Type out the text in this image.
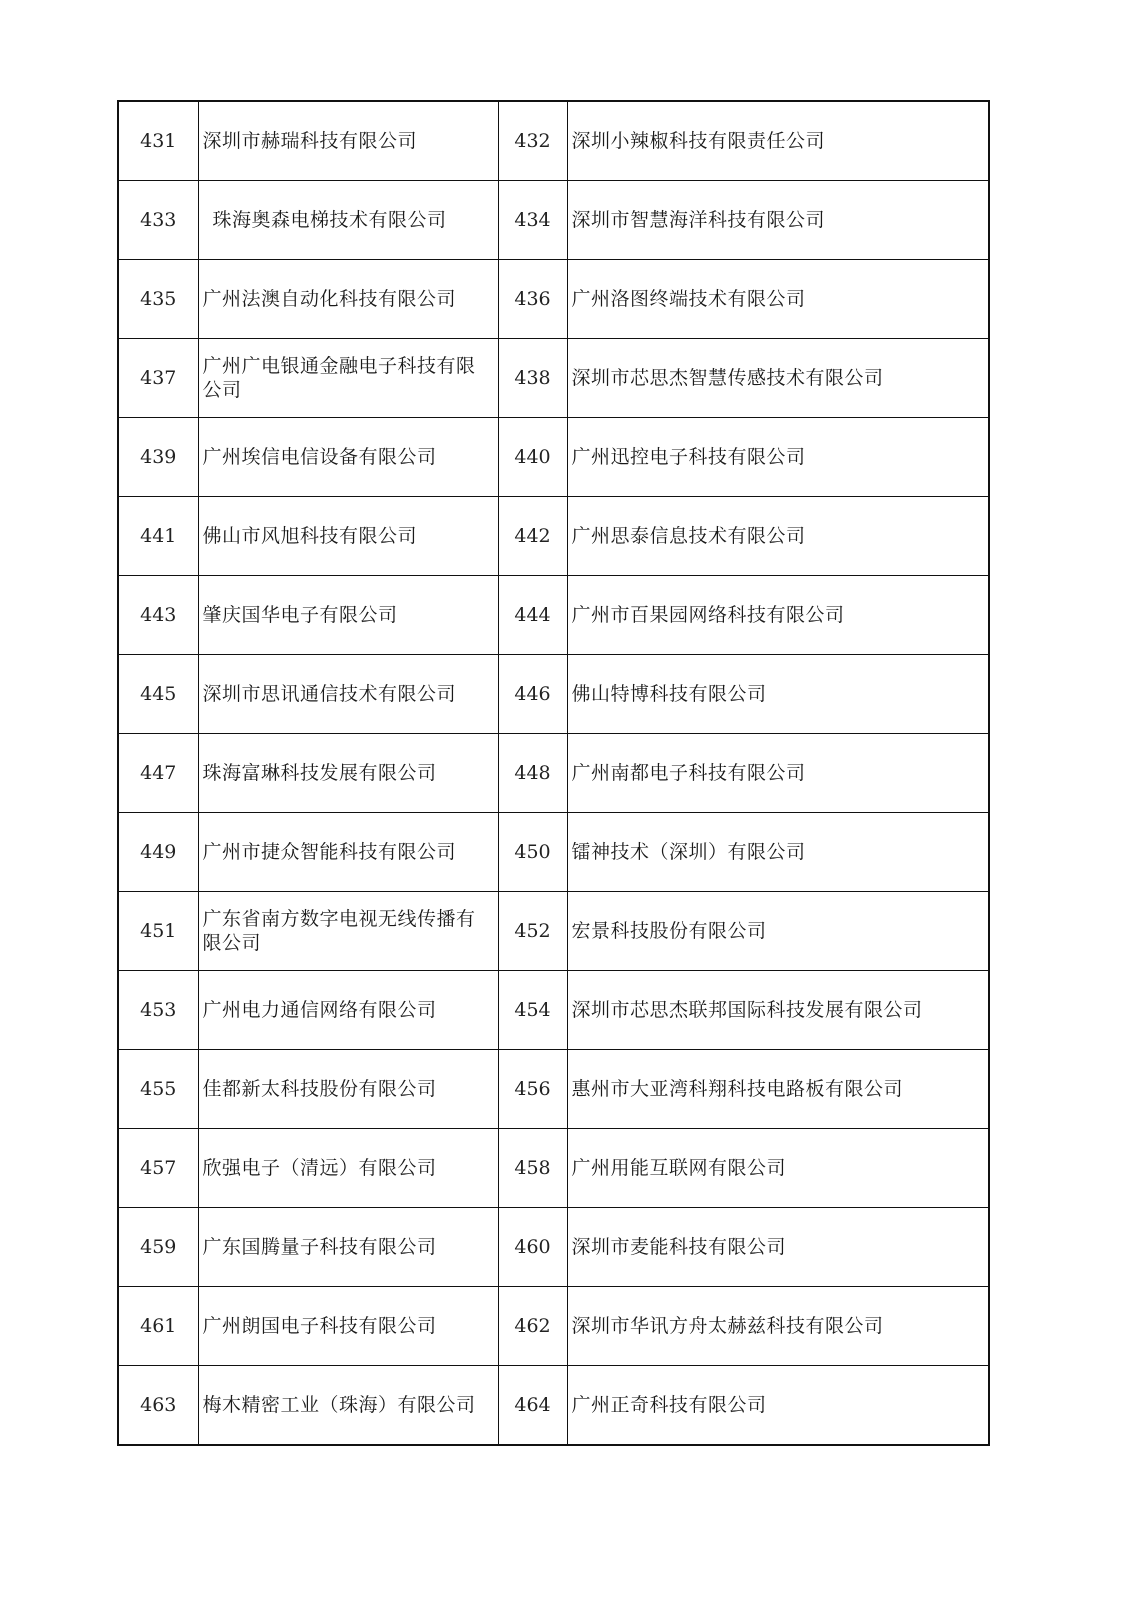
431	深圳市赫瑞科技有限公司	432	深圳小辣椒科技有限责任公司
433	珠海奥森电梯技术有限公司	434	深圳市智慧海洋科技有限公司
435	广州法澳自动化科技有限公司	436	广州洛图终端技术有限公司
437	广州广电银通金融电子科技有限公司	438	深圳市芯思杰智慧传感技术有限公司
439	广州埃信电信设备有限公司	440	广州迅控电子科技有限公司
441	佛山市风旭科技有限公司	442	广州思泰信息技术有限公司
443	肇庆国华电子有限公司	444	广州市百果园网络科技有限公司
445	深圳市思讯通信技术有限公司	446	佛山特博科技有限公司
447	珠海富琳科技发展有限公司	448	广州南都电子科技有限公司
449	广州市捷众智能科技有限公司	450	镭神技术（深圳）有限公司
451	广东省南方数字电视无线传播有限公司	452	宏景科技股份有限公司
453	广州电力通信网络有限公司	454	深圳市芯思杰联邦国际科技发展有限公司
455	佳都新太科技股份有限公司	456	惠州市大亚湾科翔科技电路板有限公司
457	欣强电子（清远）有限公司	458	广州用能互联网有限公司
459	广东国腾量子科技有限公司	460	深圳市麦能科技有限公司
461	广州朗国电子科技有限公司	462	深圳市华讯方舟太赫兹科技有限公司
463	梅木精密工业（珠海）有限公司	464	广州正奇科技有限公司
